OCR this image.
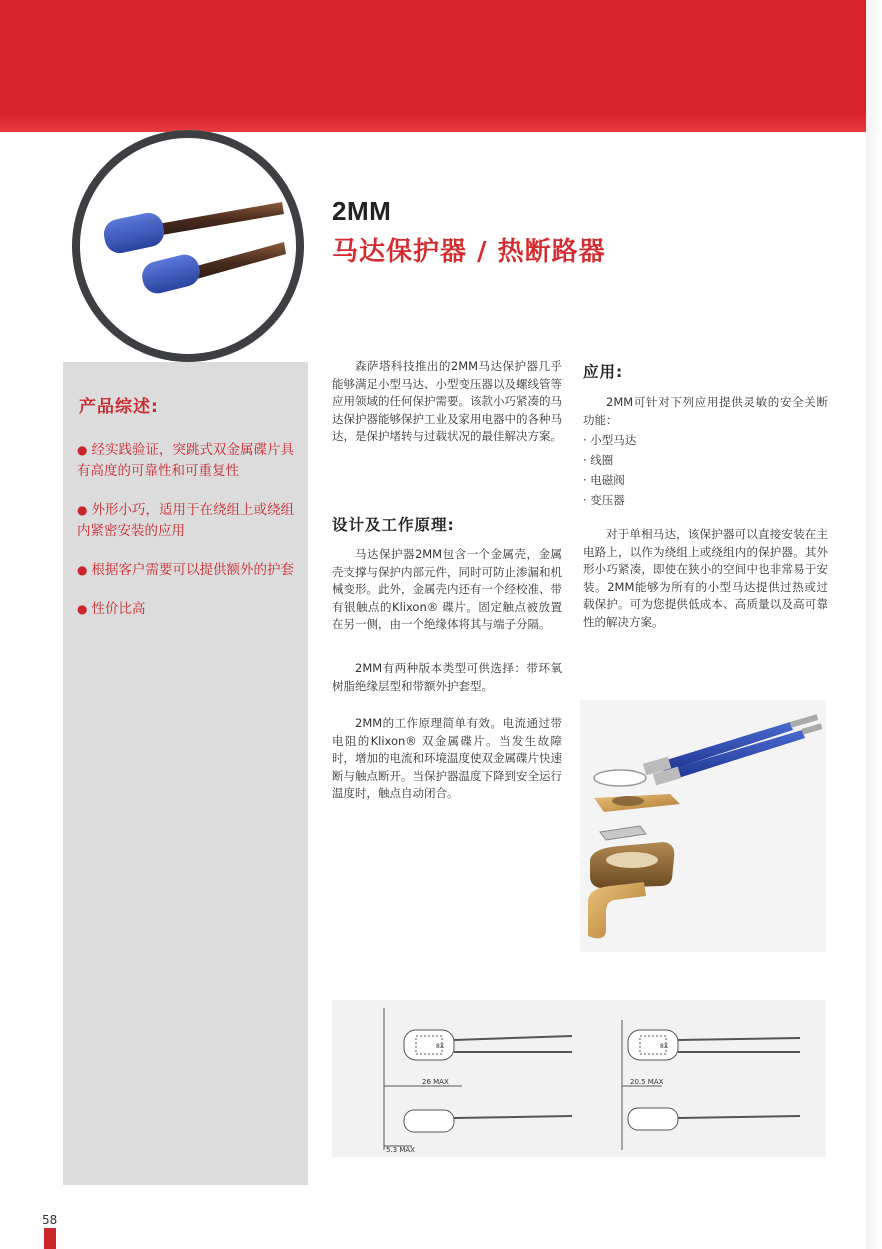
2MM
马达保护器 / 热断路器
产品综述:
● 经实践验证，突跳式双金属碟片具有高度的可靠性和可重复性
● 外形小巧，适用于在绕组上或绕组内紧密安装的应用
● 根据客户需要可以提供额外的护套
● 性价比高
森萨塔科技推出的2MM马达保护器几乎能够满足小型马达、小型变压器以及螺线管等应用领域的任何保护需要。该款小巧紧凑的马达保护器能够保护工业及家用电器中的各种马达，是保护堵转与过载状况的最佳解决方案。
设计及工作原理:
马达保护器2MM包含一个金属壳，金属壳支撑与保护内部元件，同时可防止渗漏和机械变形。此外，金属壳内还有一个经校准、带有银触点的Klixon® 碟片。固定触点被放置在另一侧，由一个绝缘体将其与端子分隔。
2MM有两种版本类型可供选择：带环氧树脂绝缘层型和带额外护套型。
2MM的工作原理简单有效。电流通过带电阻的Klixon® 双金属碟片。当发生故障时，增加的电流和环境温度使双金属碟片快速断与触点断开。当保护器温度下降到安全运行温度时，触点自动闭合。
应用:
2MM可针对下列应用提供灵敏的安全关断功能：
· 小型马达
· 线圈
· 电磁阀
· 变压器
对于单相马达，该保护器可以直接安装在主电路上，以作为绕组上或绕组内的保护器。其外形小巧紧凑，即使在狭小的空间中也非常易于安装。2MM能够为所有的小型马达提供过热或过载保护。可为您提供低成本、高质量以及高可靠性的解决方案。
26 MAX
5.3 MAX
20.5 MAX
8X	8X
58
